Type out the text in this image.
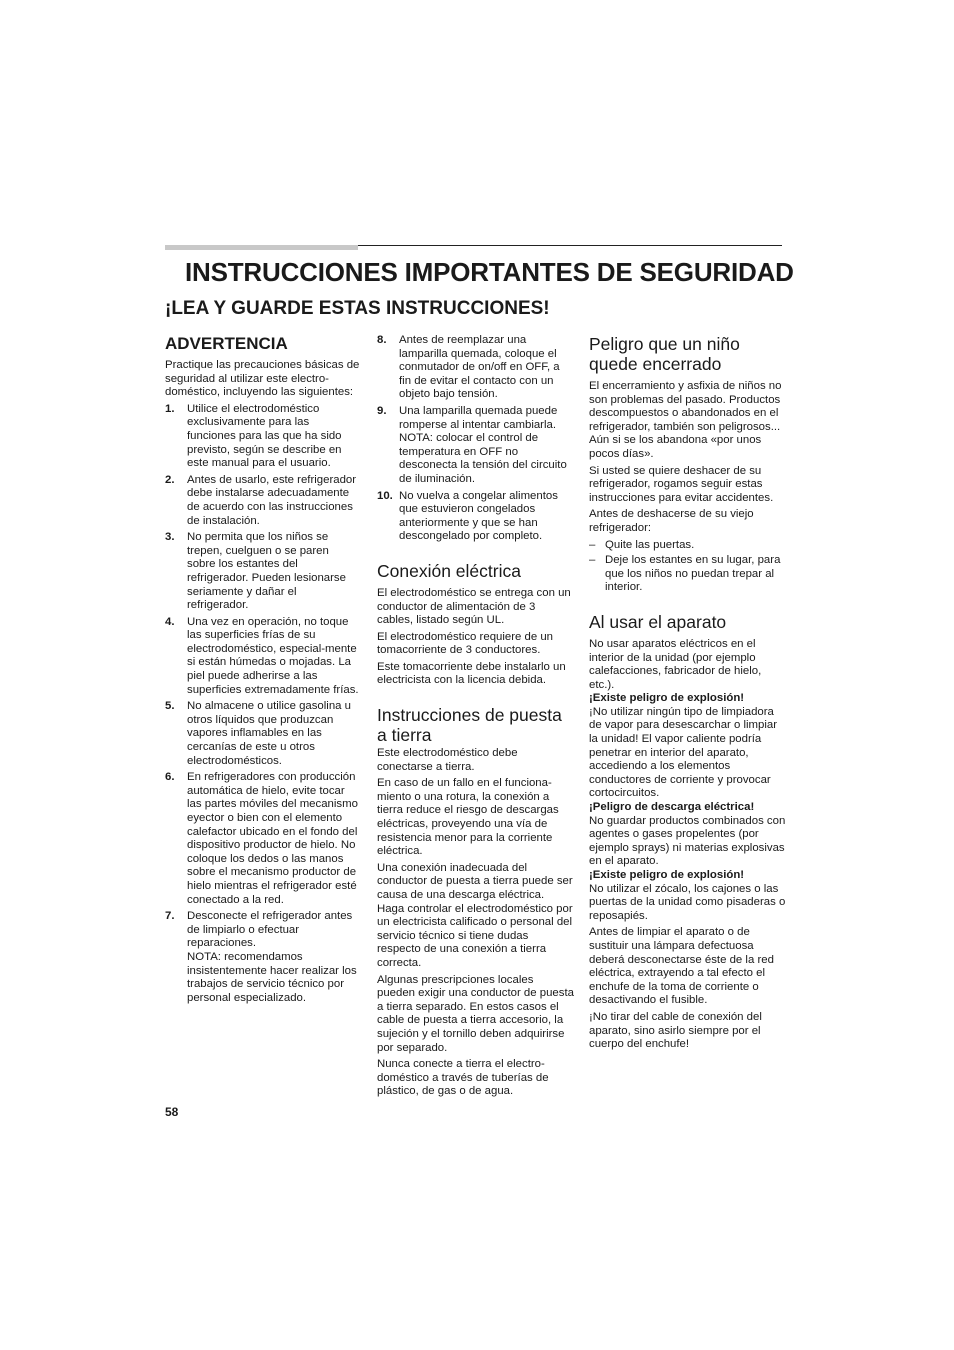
INSTRUCCIONES IMPORTANTES DE SEGURIDAD
¡LEA Y GUARDE ESTAS INSTRUCCIONES!
ADVERTENCIA

Practique las precauciones básicas de seguridad al utilizar este electro-doméstico, incluyendo las siguientes:

1.	Utilice el electrodoméstico exclusivamente para las funciones para las que ha sido previsto, según se describe en este manual para el usuario.
2.	Antes de usarlo, este refrigerador debe instalarse adecuadamente de acuerdo con las instrucciones de instalación.
3.	No permita que los niños se trepen, cuelguen o se paren sobre los estantes del refrigerador. Pueden lesionarse seriamente y dañar el refrigerador.
4.	Una vez en operación, no toque las superficies frías de su electrodoméstico, especial-mente si están húmedas o mojadas. La piel puede adherirse a las superficies extremadamente frías.
5.	No almacene o utilice gasolina u otros líquidos que produzcan vapores inflamables en las cercanías de este u otros electrodomésticos.
6.	En refrigeradores con producción automática de hielo, evite tocar las partes móviles del mecanismo eyector o bien con el elemento calefactor ubicado en el fondo del dispositivo productor de hielo. No coloque los dedos o las manos sobre el mecanismo productor de hielo mientras el refrigerador esté conectado a la red.
7.	Desconecte el refrigerador antes de limpiarlo o efectuar reparaciones.
NOTA: recomendamos insistentemente hacer realizar los trabajos de servicio técnico por personal especializado.
8.	Antes de reemplazar una lamparilla quemada, coloque el conmutador de on/off en OFF, a fin de evitar el contacto con un objeto bajo tensión.
9.	Una lamparilla quemada puede romperse al intentar cambiarla. NOTA: colocar el control de temperatura en OFF no desconecta la tensión del circuito de iluminación.
10. No vuelva a congelar alimentos que estuvieron congelados anteriormente y que se han descongelado por completo.
Conexión eléctrica

El electrodoméstico se entrega con un conductor de alimentación de 3 cables, listado según UL.

El electrodoméstico requiere de un tomacorriente de 3 conductores.

Este tomacorriente debe instalarlo un electricista con la licencia debida.

Instrucciones de puesta a tierra

Este electrodoméstico debe conectarse a tierra.

En caso de un fallo en el funciona-miento o una rotura, la conexión a tierra reduce el riesgo de descargas eléctricas, proveyendo una vía de resistencia menor para la corriente eléctrica.

Una conexión inadecuada del conductor de puesta a tierra puede ser causa de una descarga eléctrica. Haga controlar el electrodoméstico por un electricista calificado o personal del servicio técnico si tiene dudas respecto de una conexión a tierra correcta.

Algunas prescripciones locales pueden exigir una conductor de puesta a tierra separado. En estos casos el cable de puesta a tierra accesorio, la sujeción y el tornillo deben adquirirse por separado.

Nunca conecte a tierra el electro-doméstico a través de tuberías de plástico, de gas o de agua.

Peligro que un niño quede encerrado

El encerramiento y asfixia de niños no son problemas del pasado. Productos descompuestos o abandonados en el refrigerador, también son peligrosos... Aún si se los abandona «por unos pocos días».

Si usted se quiere deshacer de su refrigerador, rogamos seguir estas instrucciones para evitar accidentes.

Antes de deshacerse de su viejo refrigerador:

– Quite las puertas.
– Deje los estantes en su lugar, para que los niños no puedan trepar al interior.
Al usar el aparato

No usar aparatos eléctricos en el interior de la unidad (por ejemplo calefacciones, fabricador de hielo, etc.).

¡Existe peligro de explosión!

¡No utilizar ningún tipo de limpiadora de vapor para desescarchar o limpiar la unidad! El vapor caliente podría penetrar en interior del aparato, accediendo a los elementos conductores de corriente y provocar cortocircuitos.

¡Peligro de descarga eléctrica!

No guardar productos combinados con agentes o gases propelentes (por ejemplo sprays) ni materias explosivas en el aparato.

¡Existe peligro de explosión!

No utilizar el zócalo, los cajones o las puertas de la unidad como pisaderas o reposapiés.

Antes de limpiar el aparato o de sustituir una lámpara defectuosa deberá desconectarse éste de la red eléctrica, extrayendo a tal efecto el enchufe de la toma de corriente o desactivando el fusible.

¡No tirar del cable de conexión del aparato, sino asirlo siempre por el cuerpo del enchufe!

58
